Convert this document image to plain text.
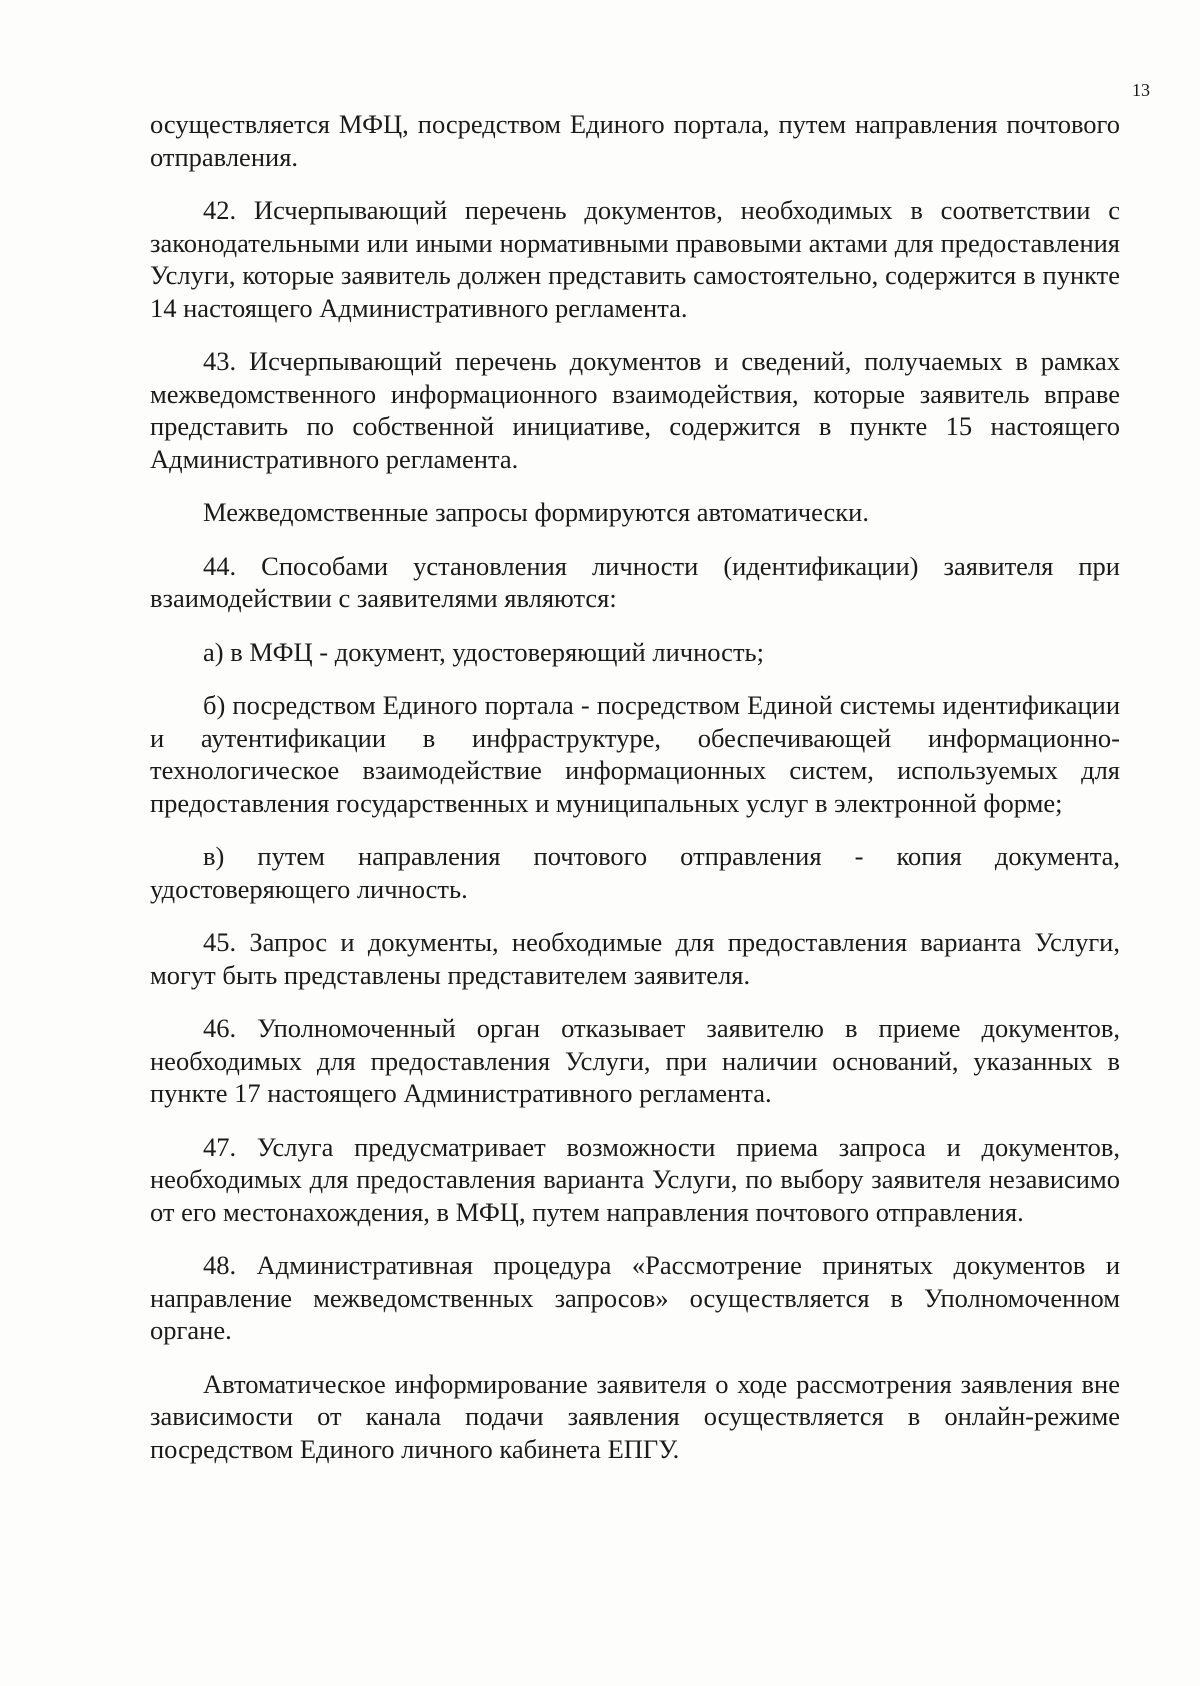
13

осуществляется МФЦ, посредством Единого портала, путем направления почтового отправления.

42. Исчерпывающий перечень документов, необходимых в соответствии с законодательными или иными нормативными правовыми актами для предоставления Услуги, которые заявитель должен представить самостоятельно, содержится в пункте 14 настоящего Административного регламента.

43. Исчерпывающий перечень документов и сведений, получаемых в рамках межведомственного информационного взаимодействия, которые заявитель вправе представить по собственной инициативе, содержится в пункте 15 настоящего Административного регламента.

Межведомственные запросы формируются автоматически.

44. Способами установления личности (идентификации) заявителя при взаимодействии с заявителями являются:

а) в МФЦ - документ, удостоверяющий личность;

б) посредством Единого портала - посредством Единой системы идентификации и аутентификации в инфраструктуре, обеспечивающей информационно-технологическое взаимодействие информационных систем, используемых для предоставления государственных и муниципальных услуг в электронной форме;

в) путем направления почтового отправления - копия документа, удостоверяющего личность.

45. Запрос и документы, необходимые для предоставления варианта Услуги, могут быть представлены представителем заявителя.

46. Уполномоченный орган отказывает заявителю в приеме документов, необходимых для предоставления Услуги, при наличии оснований, указанных в пункте 17 настоящего Административного регламента.

47. Услуга предусматривает возможности приема запроса и документов, необходимых для предоставления варианта Услуги, по выбору заявителя независимо от его местонахождения, в МФЦ, путем направления почтового отправления.

48. Административная процедура «Рассмотрение принятых документов и направление межведомственных запросов» осуществляется в Уполномоченном органе.

Автоматическое информирование заявителя о ходе рассмотрения заявления вне зависимости от канала подачи заявления осуществляется в онлайн-режиме посредством Единого личного кабинета ЕПГУ.
